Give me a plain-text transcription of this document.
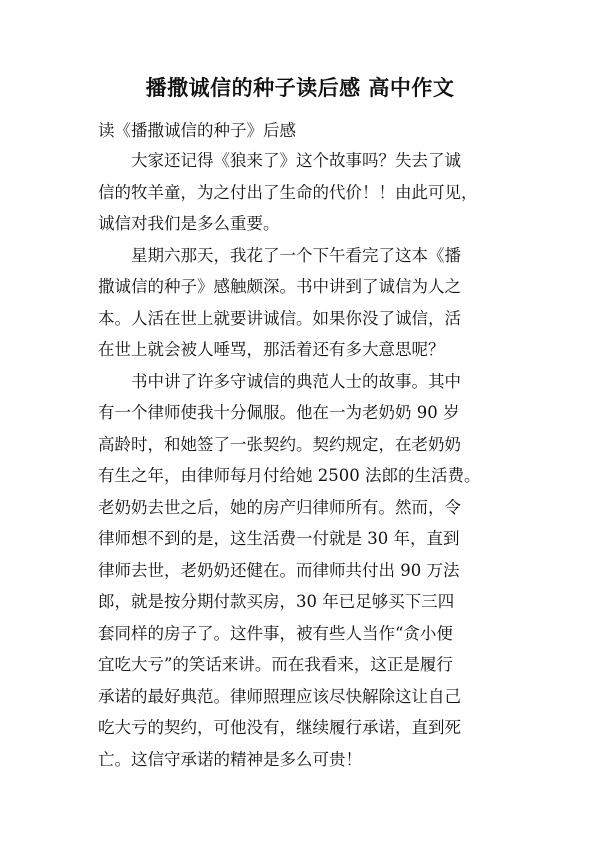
播撒诚信的种子读后感 高中作文
读《播撒诚信的种子》后感
　　大家还记得《狼来了》这个故事吗？失去了诚
信的牧羊童，为之付出了生命的代价！！由此可见，
诚信对我们是多么重要。
　　星期六那天，我花了一个下午看完了这本《播
撒诚信的种子》感触颇深。书中讲到了诚信为人之
本。人活在世上就要讲诚信。如果你没了诚信，活
在世上就会被人唾骂，那活着还有多大意思呢？
　　书中讲了许多守诚信的典范人士的故事。其中
有一个律师使我十分佩服。他在一为老奶奶 90 岁
高龄时，和她签了一张契约。契约规定，在老奶奶
有生之年，由律师每月付给她 2500 法郎的生活费。
老奶奶去世之后，她的房产归律师所有。然而，令
律师想不到的是，这生活费一付就是 30 年，直到
律师去世，老奶奶还健在。而律师共付出 90 万法
郎，就是按分期付款买房，30 年已足够买下三四
套同样的房子了。这件事，被有些人当作“贪小便
宜吃大亏”的笑话来讲。而在我看来，这正是履行
承诺的最好典范。律师照理应该尽快解除这让自己
吃大亏的契约，可他没有，继续履行承诺，直到死
亡。这信守承诺的精神是多么可贵！
